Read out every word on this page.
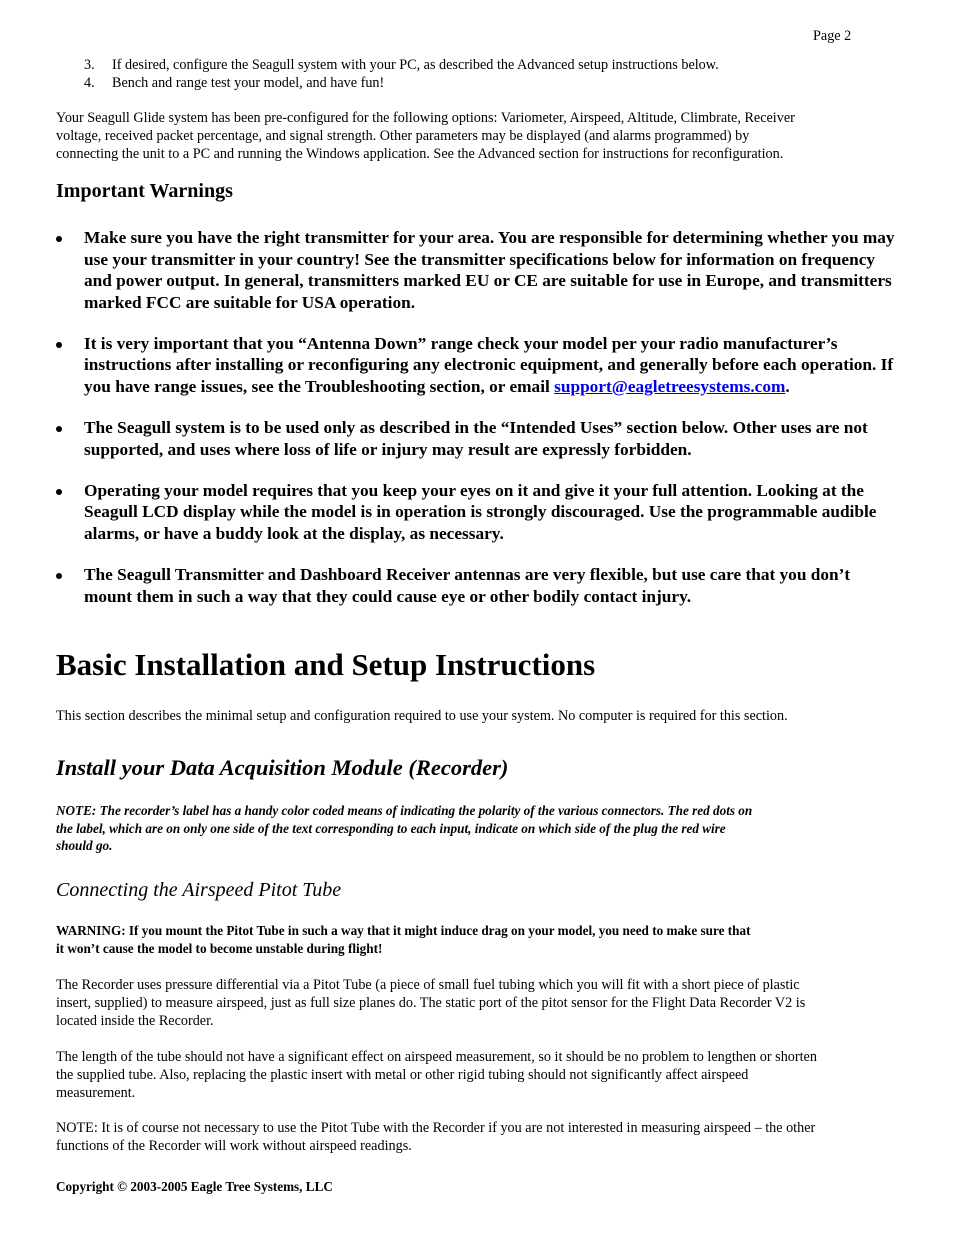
Page 2
3. If desired, configure the Seagull system with your PC, as described the Advanced setup instructions below.
4. Bench and range test your model, and have fun!
Your Seagull Glide system has been pre-configured for the following options: Variometer, Airspeed, Altitude, Climbrate, Receiver
voltage, received packet percentage, and signal strength. Other parameters may be displayed (and alarms programmed) by
connecting the unit to a PC and running the Windows application. See the Advanced section for instructions for reconfiguration.
Important Warnings
Make sure you have the right transmitter for your area. You are responsible for determining whether you may use your transmitter in your country! See the transmitter specifications below for information on frequency and power output. In general, transmitters marked EU or CE are suitable for use in Europe, and transmitters marked FCC are suitable for USA operation.
It is very important that you “Antenna Down” range check your model per your radio manufacturer’s instructions after installing or reconfiguring any electronic equipment, and generally before each operation. If you have range issues, see the Troubleshooting section, or email support@eagletreesystems.com.
The Seagull system is to be used only as described in the “Intended Uses” section below. Other uses are not supported, and uses where loss of life or injury may result are expressly forbidden.
Operating your model requires that you keep your eyes on it and give it your full attention. Looking at the Seagull LCD display while the model is in operation is strongly discouraged. Use the programmable audible alarms, or have a buddy look at the display, as necessary.
The Seagull Transmitter and Dashboard Receiver antennas are very flexible, but use care that you don’t mount them in such a way that they could cause eye or other bodily contact injury.
Basic Installation and Setup Instructions
This section describes the minimal setup and configuration required to use your system. No computer is required for this section.
Install your Data Acquisition Module (Recorder)
NOTE: The recorder’s label has a handy color coded means of indicating the polarity of the various connectors. The red dots on
the label, which are on only one side of the text corresponding to each input, indicate on which side of the plug the red wire
should go.
Connecting the Airspeed Pitot Tube
WARNING: If you mount the Pitot Tube in such a way that it might induce drag on your model, you need to make sure that
it won’t cause the model to become unstable during flight!
The Recorder uses pressure differential via a Pitot Tube (a piece of small fuel tubing which you will fit with a short piece of plastic
insert, supplied) to measure airspeed, just as full size planes do. The static port of the pitot sensor for the Flight Data Recorder V2 is
located inside the Recorder.
The length of the tube should not have a significant effect on airspeed measurement, so it should be no problem to lengthen or shorten
the supplied tube. Also, replacing the plastic insert with metal or other rigid tubing should not significantly affect airspeed
measurement.
NOTE: It is of course not necessary to use the Pitot Tube with the Recorder if you are not interested in measuring airspeed – the other
functions of the Recorder will work without airspeed readings.
Copyright © 2003-2005 Eagle Tree Systems, LLC
